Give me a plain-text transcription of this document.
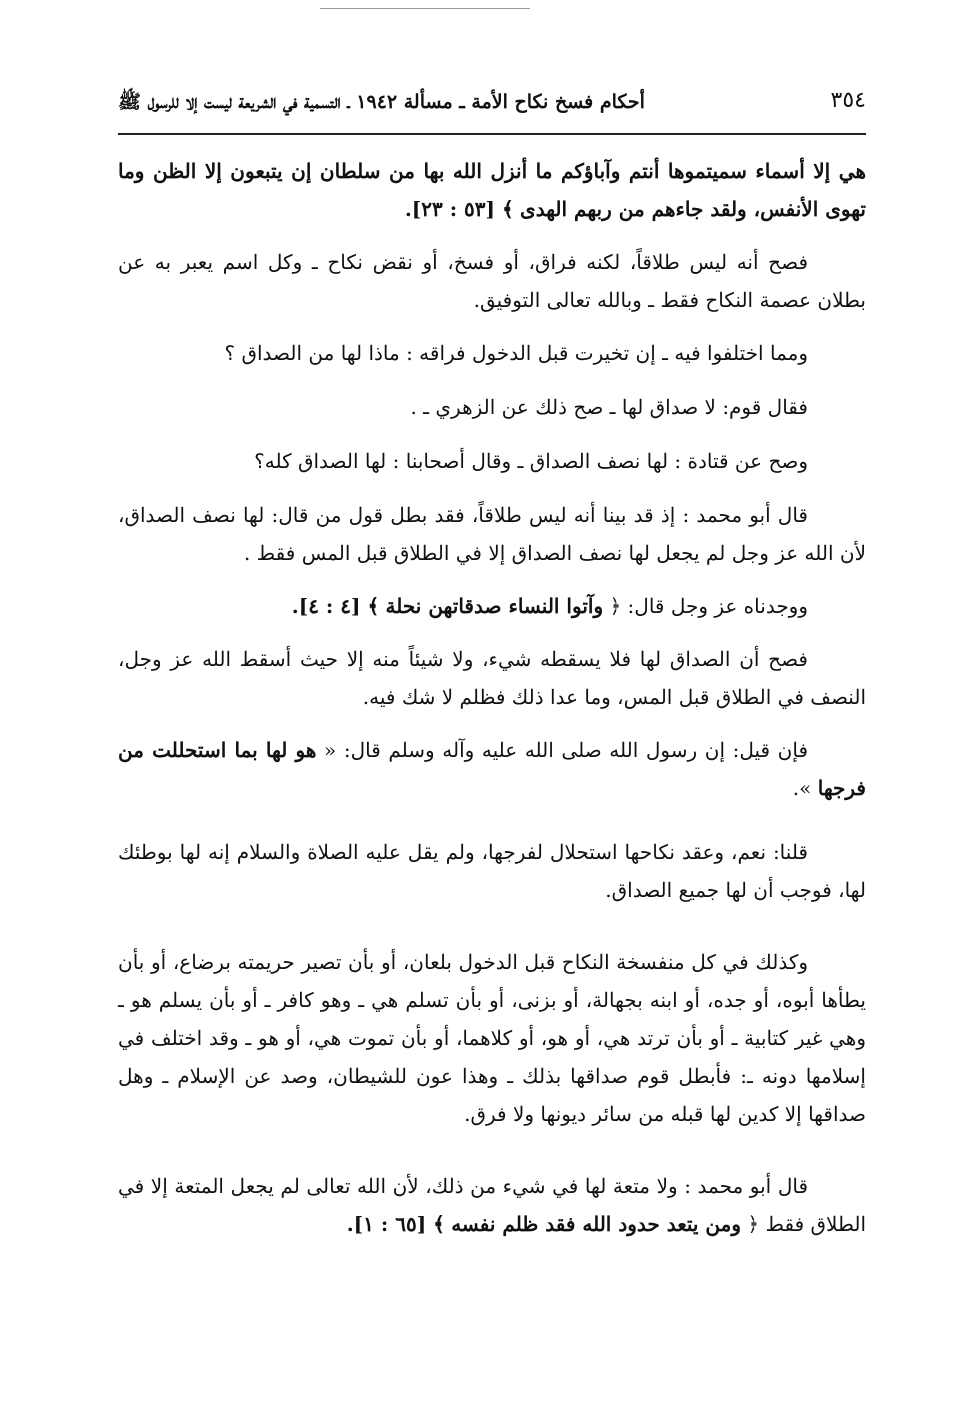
٣٥٤
أحكام فسخ نكاح الأمة ـ مسألة ١٩٤٢ ـ التسمية في الشريعة ليست إلا للرسول ﷺ

هي إلا أسماء سميتموها أنتم وآباؤكم ما أنزل الله بها من سلطان إن يتبعون إلا الظن وما تهوى الأنفس، ولقد جاءهم من ربهم الهدى ﴾ [٥٣ : ٢٣].

فصح أنه ليس طلاقاً، لكنه فراق، أو فسخ، أو نقض نكاح ـ وكل اسم يعبر به عن بطلان عصمة النكاح فقط ـ وبالله تعالى التوفيق.

ومما اختلفوا فيه ـ إن تخيرت قبل الدخول فراقه : ماذا لها من الصداق ؟

فقال قوم: لا صداق لها ـ صح ذلك عن الزهري ـ .

وصح عن قتادة : لها نصف الصداق ـ وقال أصحابنا : لها الصداق كله؟

قال أبو محمد : إذ قد بينا أنه ليس طلاقاً، فقد بطل قول من قال: لها نصف الصداق، لأن الله عز وجل لم يجعل لها نصف الصداق إلا في الطلاق قبل المس فقط .

ووجدناه عز وجل قال: ﴿ وآتوا النساء صدقاتهن نحلة ﴾ [٤ : ٤].

فصح أن الصداق لها فلا يسقطه شيء، ولا شيئاً منه إلا حيث أسقط الله عز وجل، النصف في الطلاق قبل المس، وما عدا ذلك فظلم لا شك فيه.

فإن قيل: إن رسول الله صلى الله عليه وآله وسلم قال: « هو لها بما استحللت من فرجها ».

قلنا: نعم، وعقد نكاحها استحلال لفرجها، ولم يقل عليه الصلاة والسلام إنه لها بوطئك لها، فوجب أن لها جميع الصداق.

وكذلك في كل منفسخة النكاح قبل الدخول بلعان، أو بأن تصير حريمته برضاع، أو بأن يطأها أبوه، أو جده، أو ابنه بجهالة، أو بزنى، أو بأن تسلم هي ـ وهو كافر ـ أو بأن يسلم هو ـ وهي غير كتابية ـ أو بأن ترتد هي، أو هو، أو كلاهما، أو بأن تموت هي، أو هو ـ وقد اختلف في إسلامها دونه ـ: فأبطل قوم صداقها بذلك ـ وهذا عون للشيطان، وصد عن الإسلام ـ وهل صداقها إلا كدين لها قبله من سائر ديونها ولا فرق.

قال أبو محمد : ولا متعة لها في شيء من ذلك، لأن الله تعالى لم يجعل المتعة إلا في الطلاق فقط ﴿ ومن يتعد حدود الله فقد ظلم نفسه ﴾ [٦٥ : ١].
